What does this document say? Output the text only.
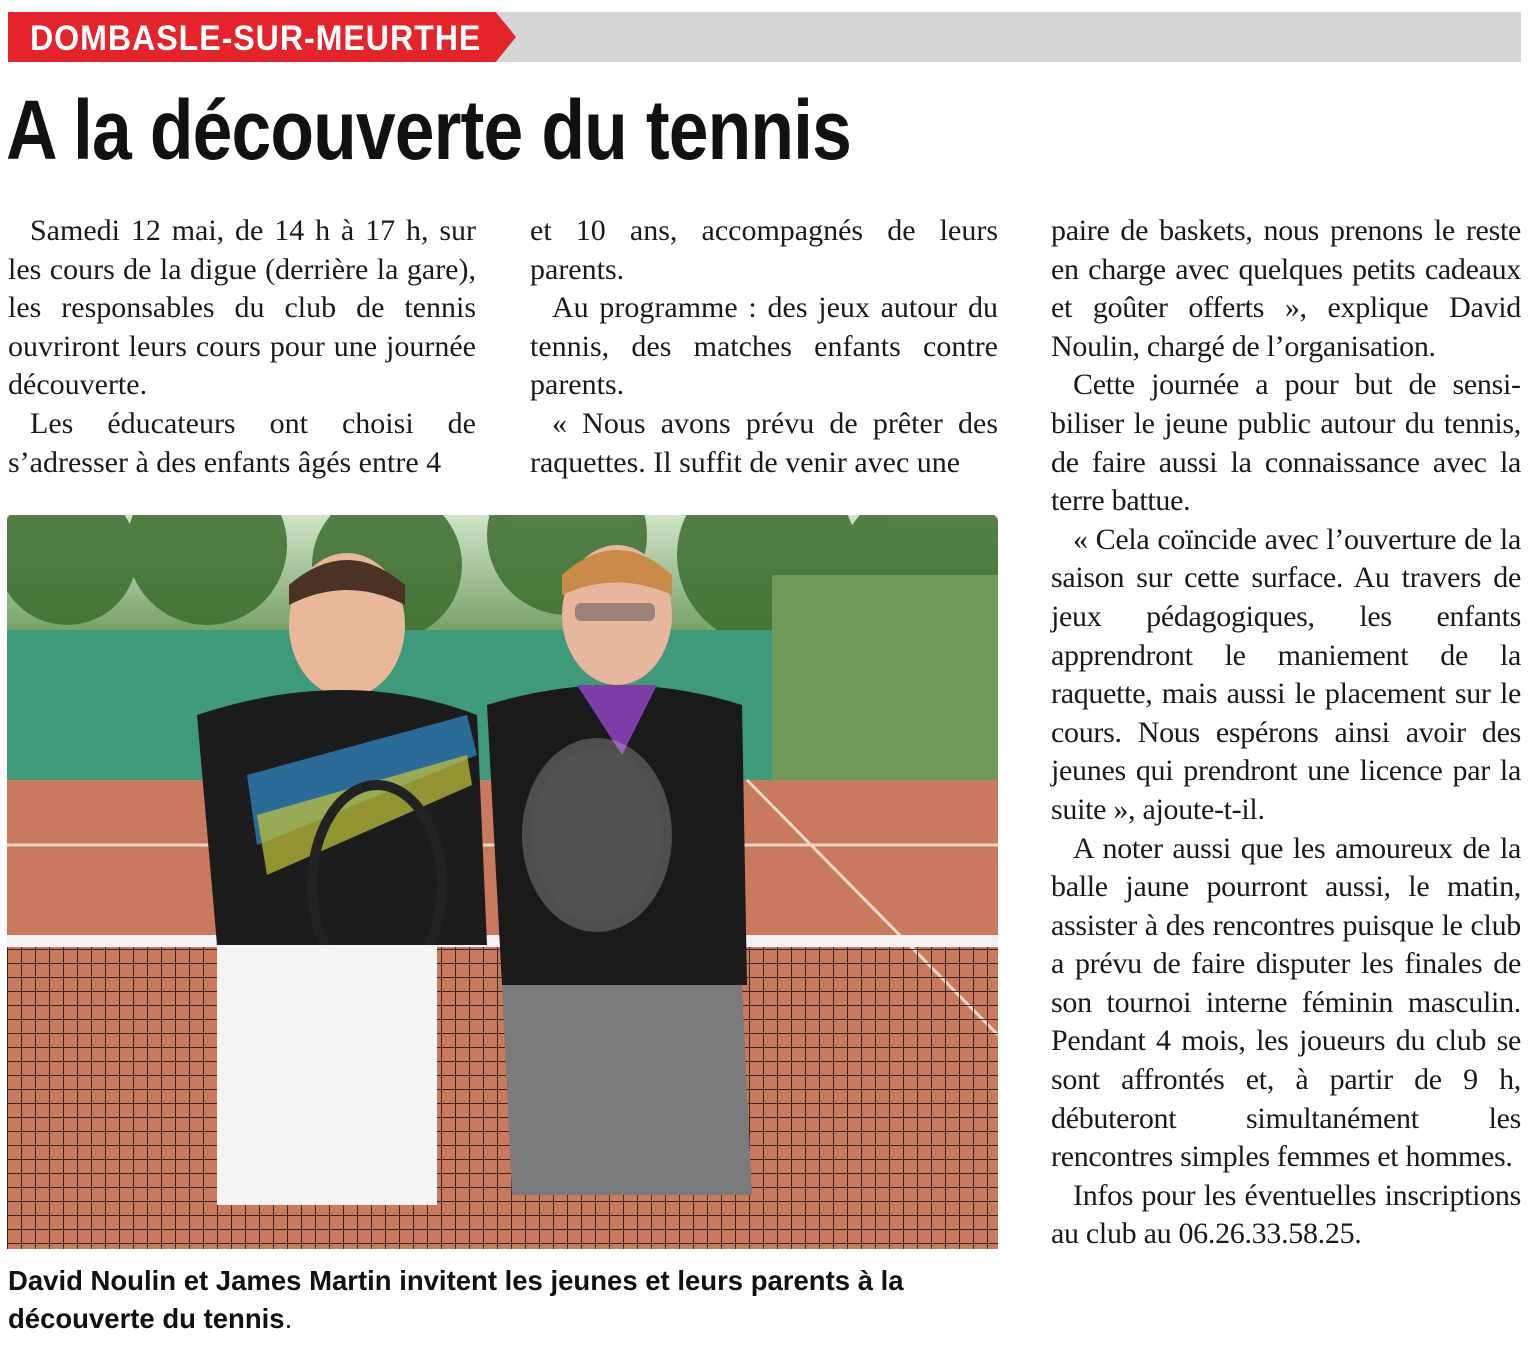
DOMBASLE-SUR-MEURTHE
A la découverte du tennis

Samedi 12 mai, de 14 h à 17 h, sur les cours de la digue (derrière la gare), les responsables du club de tennis ouvriront leurs cours pour une journée découverte.

Les éducateurs ont choisi de s’adresser à des enfants âgés entre 4

et 10 ans, accompagnés de leurs parents.

Au programme : des jeux autour du tennis, des matches enfants contre parents.

« Nous avons prévu de prêter des raquettes. Il suffit de venir avec une

paire de baskets, nous prenons le reste en charge avec quelques petits cadeaux et goûter offerts », explique David Noulin, chargé de l’organisation.

Cette journée a pour but de sensibiliser le jeune public autour du tennis, de faire aussi la connaissance avec la terre battue.

« Cela coïncide avec l’ouverture de la saison sur cette surface. Au travers de jeux pédagogiques, les enfants apprendront le maniement de la raquette, mais aussi le placement sur le cours. Nous espérons ainsi avoir des jeunes qui prendront une licence par la suite », ajoute-t-il.

A noter aussi que les amoureux de la balle jaune pourront aussi, le matin, assister à des rencontres puisque le club a prévu de faire disputer les finales de son tournoi interne féminin masculin. Pendant 4 mois, les joueurs du club se sont affrontés et, à partir de 9 h, débuteront simultanément les rencontres simples femmes et hommes.

Infos pour les éventuelles inscriptions au club au 06.26.33.58.25.

David Noulin et James Martin invitent les jeunes et leurs parents à la découverte du tennis.
